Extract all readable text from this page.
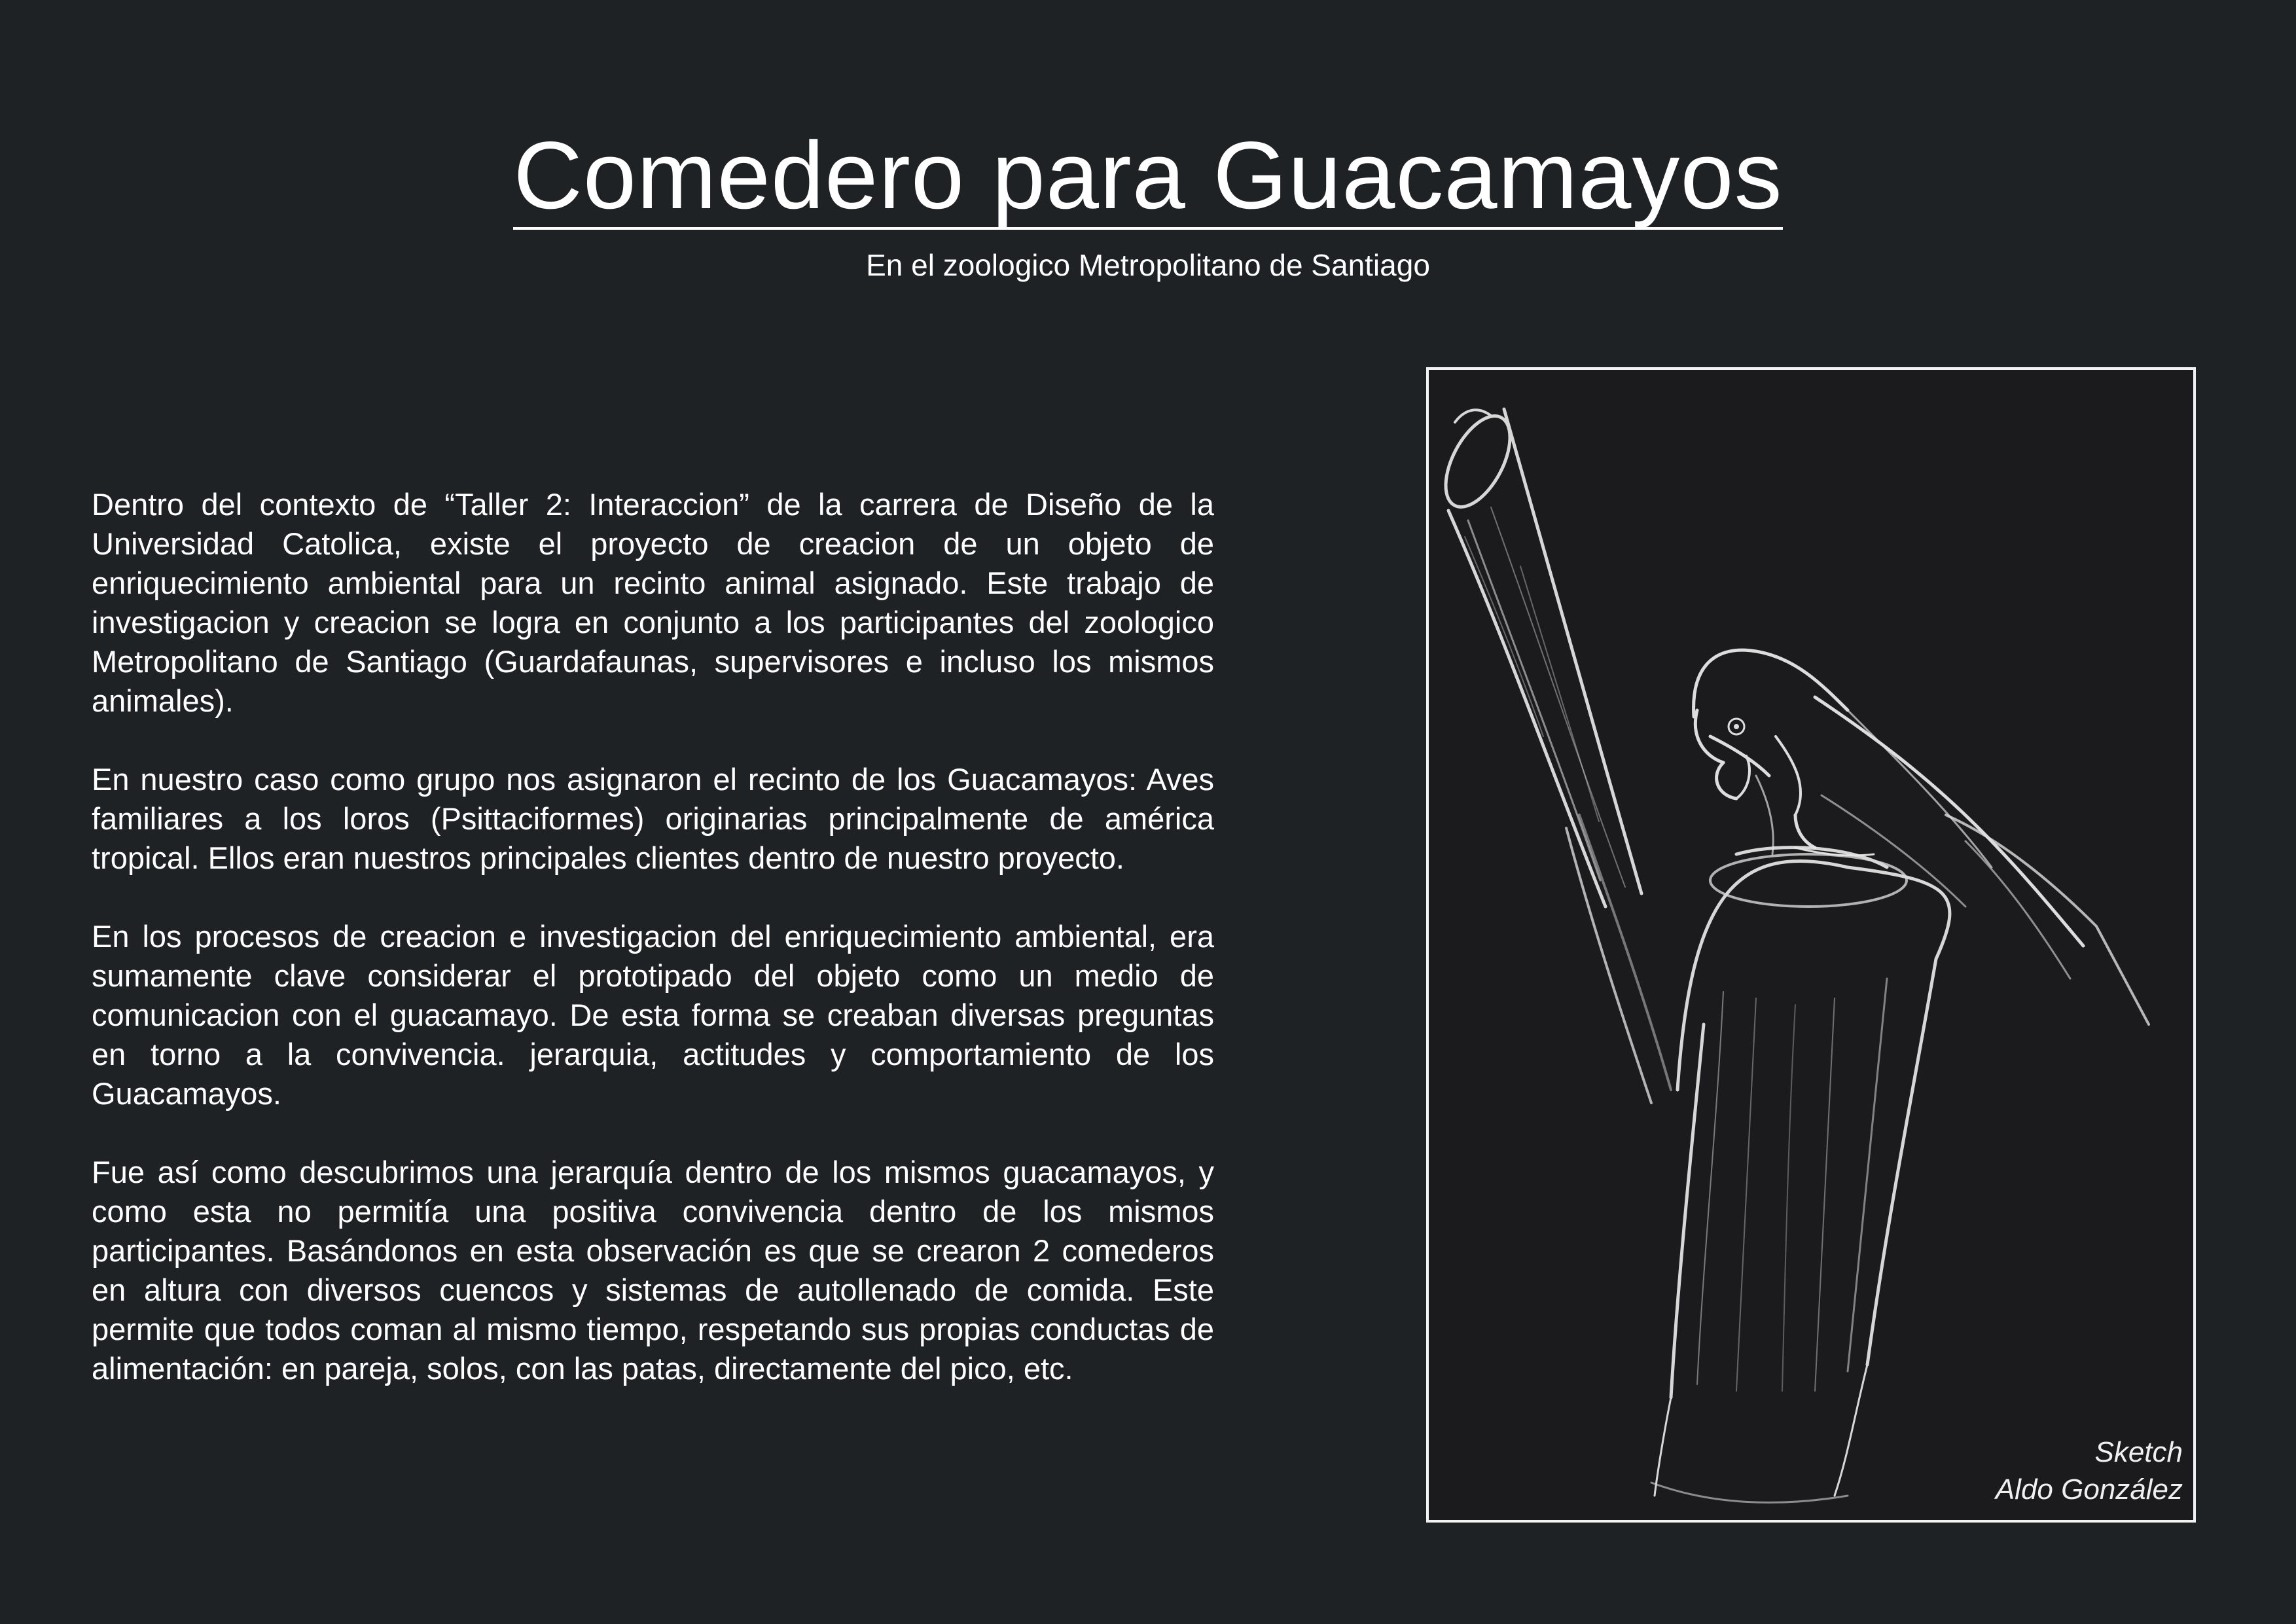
Comedero para Guacamayos
En el zoologico Metropolitano de Santiago

Dentro del contexto de “Taller 2: Interaccion” de la carrera de Diseño de la Universidad Catolica, existe el proyecto de creacion de un objeto de enriquecimiento ambiental para un recinto animal asignado. Este trabajo de investigacion y creacion se logra en conjunto a los participantes del zoologico Metropolitano de Santiago (Guardafaunas, supervisores e incluso los mismos animales).

En nuestro caso como grupo nos asignaron el recinto de los Guacamayos: Aves familiares a los loros (Psittaciformes) originarias principalmente de américa tropical. Ellos eran nuestros principales clientes dentro de nuestro proyecto.

En los procesos de creacion e investigacion del enriquecimiento ambiental, era sumamente clave considerar el prototipado del objeto como un medio de comunicacion con el guacamayo. De esta forma se creaban diversas preguntas en torno a la convivencia. jerarquia, actitudes y comportamiento de los Guacamayos.

Fue así como descubrimos una jerarquía dentro de los mismos guacamayos, y como esta no permitía una positiva convivencia dentro de los mismos participantes. Basándonos en esta observación es que se crearon 2 comederos en altura con diversos cuencos y sistemas de autollenado de comida. Este permite que todos coman al mismo tiempo, respetando sus propias conductas de alimentación: en pareja, solos, con las patas, directamente del pico, etc.

Sketch
Aldo González
